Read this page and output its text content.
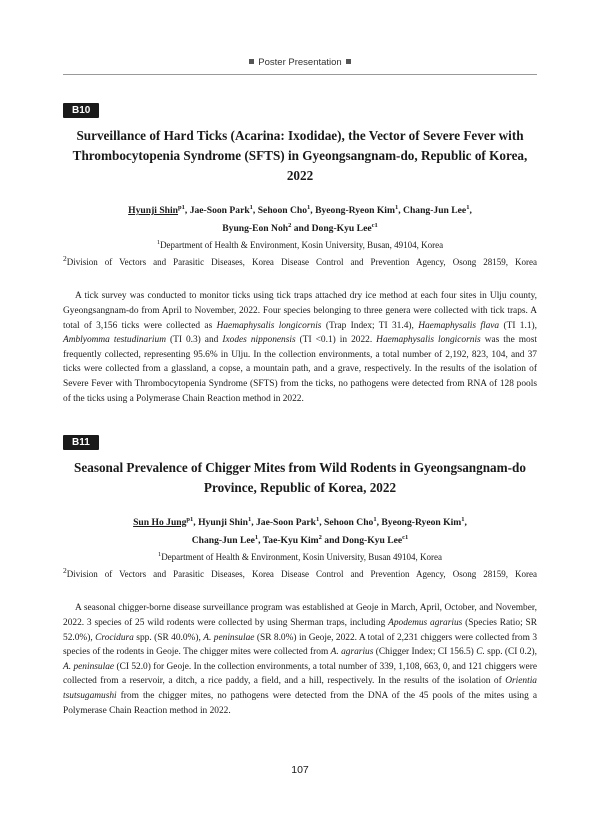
Poster Presentation
B10
Surveillance of Hard Ticks (Acarina: Ixodidae), the Vector of Severe Fever with
Thrombocytopenia Syndrome (SFTS) in Gyeongsangnam-do, Republic of Korea, 2022
Hyunji Shin$^{p1}$, Jae-Soon Park$^1$, Sehoon Cho$^1$, Byeong-Ryeon Kim$^1$, Chang-Jun Lee$^1$,
Byung-Eon Noh$^2$ and Dong-Kyu Lee$^{c1}$
$^1$Department of Health & Environment, Kosin University, Busan, 49104, Korea
$^2$Division of Vectors and Parasitic Diseases, Korea Disease Control and Prevention Agency, Osong 28159, Korea
A tick survey was conducted to monitor ticks using tick traps attached dry ice method at each four sites in Ulju county, Gyeongsangnam-do from April to November, 2022. Four species belonging to three genera were collected with tick traps. A total of 3,156 ticks were collected as Haemaphysalis longicornis (Trap Index; TI 31.4), Haemaphysalis flava (TI 1.1), Amblyomma testudinarium (TI 0.3) and Ixodes nipponensis (TI <0.1) in 2022. Haemaphysalis longicornis was the most frequently collected, representing 95.6% in Ulju. In the collection environments, a total number of 2,192, 823, 104, and 37 ticks were collected from a glassland, a copse, a mountain path, and a grave, respectively. In the results of the isolation of Severe Fever with Thrombocytopenia Syndrome (SFTS) from the ticks, no pathogens were detected from RNA of 128 pools of the ticks using a Polymerase Chain Reaction method in 2022.
B11
Seasonal Prevalence of Chigger Mites from Wild Rodents in Gyeongsangnam-do
Province, Republic of Korea, 2022
Sun Ho Jung$^{p1}$, Hyunji Shin$^1$, Jae-Soon Park$^1$, Sehoon Cho$^1$, Byeong-Ryeon Kim$^1$,
Chang-Jun Lee$^1$, Tae-Kyu Kim$^2$ and Dong-Kyu Lee$^{c1}$
$^1$Department of Health & Environment, Kosin University, Busan 49104, Korea
$^2$Division of Vectors and Parasitic Diseases, Korea Disease Control and Prevention Agency, Osong 28159, Korea
A seasonal chigger-borne disease surveillance program was established at Geoje in March, April, October, and November, 2022. 3 species of 25 wild rodents were collected by using Sherman traps, including Apodemus agrarius (Species Ratio; SR 52.0%), Crocidura spp. (SR 40.0%), A. peninsulae (SR 8.0%) in Geoje, 2022. A total of 2,231 chiggers were collected from 3 species of the rodents in Geoje. The chigger mites were collected from A. agrarius (Chigger Index; CI 156.5) C. spp. (CI 0.2), A. peninsulae (CI 52.0) for Geoje. In the collection environments, a total number of 339, 1,108, 663, 0, and 121 chiggers were collected from a reservoir, a ditch, a rice paddy, a field, and a hill, respectively. In the results of the isolation of Orientia tsutsugamushi from the chigger mites, no pathogens were detected from the DNA of the 45 pools of the mites using a Polymerase Chain Reaction method in 2022.
107
